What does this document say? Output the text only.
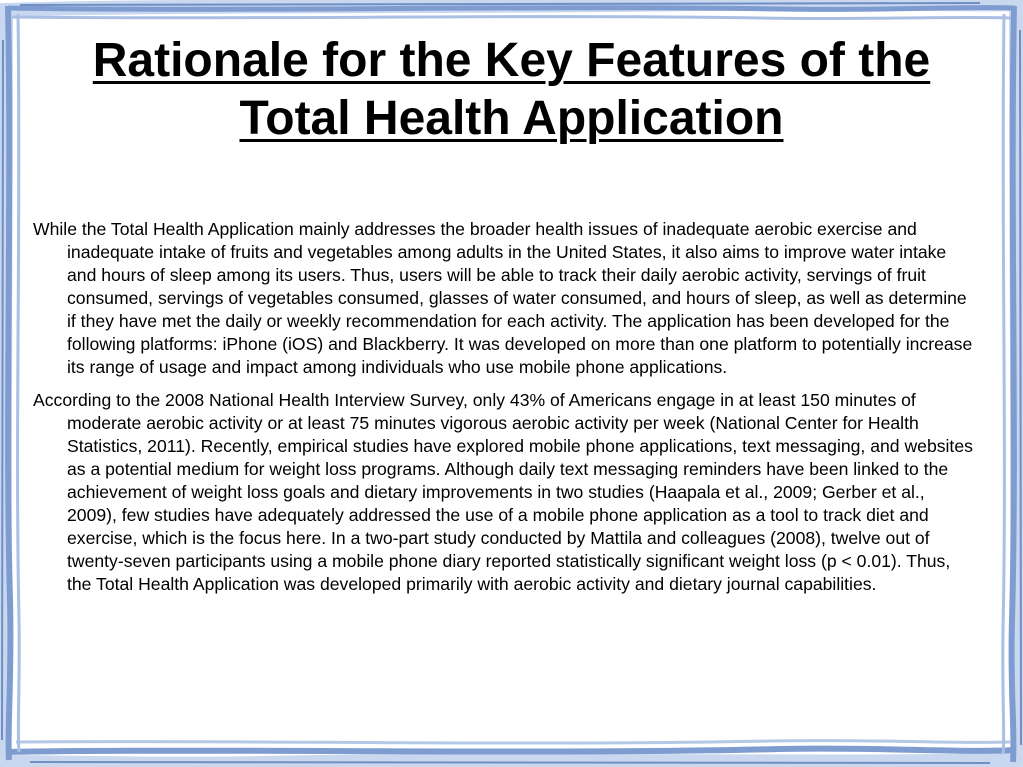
Rationale for the Key Features of the Total Health Application

While the Total Health Application mainly addresses the broader health issues of inadequate aerobic exercise and inadequate intake of fruits and vegetables among adults in the United States, it also aims to improve water intake and hours of sleep among its users. Thus, users will be able to track their daily aerobic activity, servings of fruit consumed, servings of vegetables consumed, glasses of water consumed, and hours of sleep, as well as determine if they have met the daily or weekly recommendation for each activity. The application has been developed for the following platforms: iPhone (iOS) and Blackberry. It was developed on more than one platform to potentially increase its range of usage and impact among individuals who use mobile phone applications.

According to the 2008 National Health Interview Survey, only 43% of Americans engage in at least 150 minutes of moderate aerobic activity or at least 75 minutes vigorous aerobic activity per week (National Center for Health Statistics, 2011). Recently, empirical studies have explored mobile phone applications, text messaging, and websites as a potential medium for weight loss programs. Although daily text messaging reminders have been linked to the achievement of weight loss goals and dietary improvements in two studies (Haapala et al., 2009; Gerber et al., 2009), few studies have adequately addressed the use of a mobile phone application as a tool to track diet and exercise, which is the focus here. In a two-part study conducted by Mattila and colleagues (2008), twelve out of twenty-seven participants using a mobile phone diary reported statistically significant weight loss (p < 0.01). Thus, the Total Health Application was developed primarily with aerobic activity and dietary journal capabilities.
